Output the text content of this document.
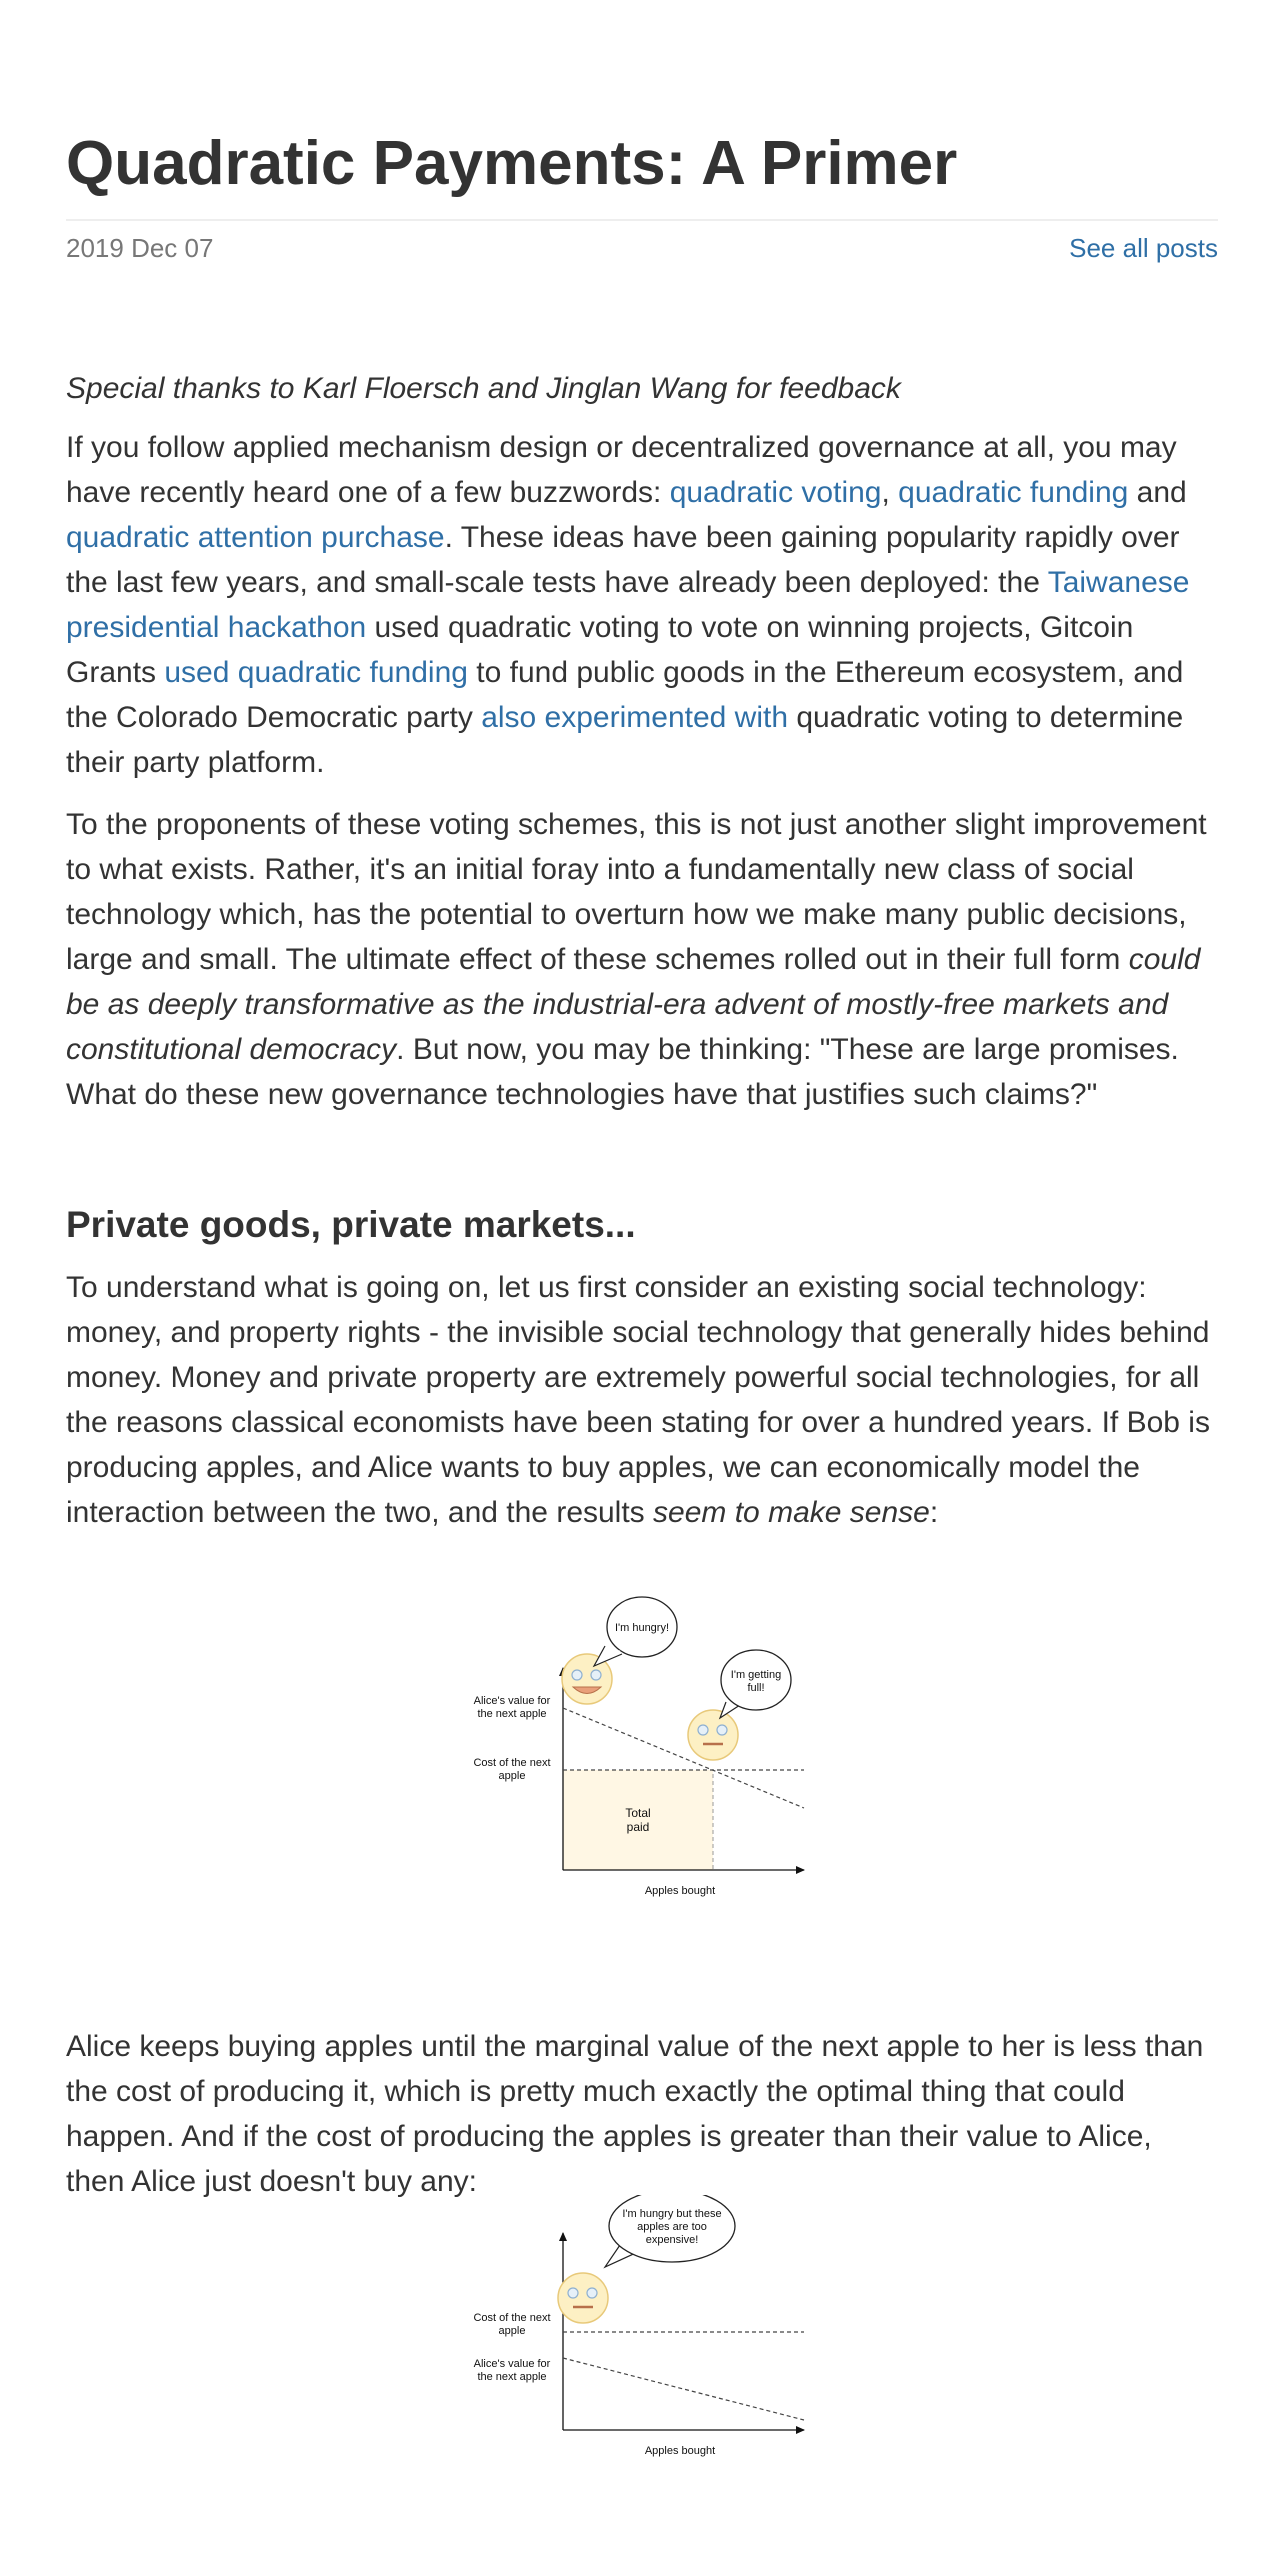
Quadratic Payments: A Primer
2019 Dec 07	See all posts

Special thanks to Karl Floersch and Jinglan Wang for feedback

If you follow applied mechanism design or decentralized governance at all, you may have recently heard one of a few buzzwords: quadratic voting, quadratic funding and quadratic attention purchase. These ideas have been gaining popularity rapidly over the last few years, and small-scale tests have already been deployed: the Taiwanese presidential hackathon used quadratic voting to vote on winning projects, Gitcoin Grants used quadratic funding to fund public goods in the Ethereum ecosystem, and the Colorado Democratic party also experimented with quadratic voting to determine their party platform.

To the proponents of these voting schemes, this is not just another slight improvement to what exists. Rather, it's an initial foray into a fundamentally new class of social technology which, has the potential to overturn how we make many public decisions, large and small. The ultimate effect of these schemes rolled out in their full form could be as deeply transformative as the industrial-era advent of mostly-free markets and constitutional democracy. But now, you may be thinking: "These are large promises. What do these new governance technologies have that justifies such claims?"

Private goods, private markets...

To understand what is going on, let us first consider an existing social technology: money, and property rights - the invisible social technology that generally hides behind money. Money and private property are extremely powerful social technologies, for all the reasons classical economists have been stating for over a hundred years. If Bob is producing apples, and Alice wants to buy apples, we can economically model the interaction between the two, and the results seem to make sense:

Alice's value for
the next apple
Cost of the next
apple
Total
paid
Apples bought
I'm hungry!
I'm getting
full!

Alice keeps buying apples until the marginal value of the next apple to her is less than the cost of producing it, which is pretty much exactly the optimal thing that could happen. And if the cost of producing the apples is greater than their value to Alice, then Alice just doesn't buy any:

Cost of the next
apple
Alice's value for
the next apple
Apples bought
I'm hungry but these
apples are too
expensive!
